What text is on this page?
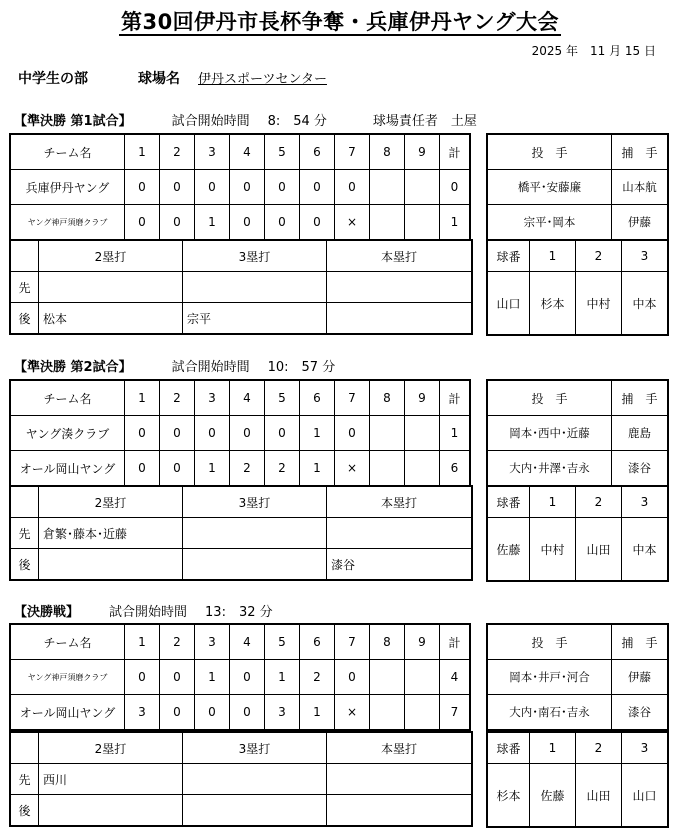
第30回伊丹市長杯争奪・兵庫伊丹ヤング大会
2025 年　11 月 15 日
中学生の部	球場名 伊丹スポーツセンター
【準決勝 第1試合】	試合開始時間 8:　54 分	球場責任者　土屋
チーム名	1	2	3	4	5	6	7	8	9	計
兵庫伊丹ヤング	0	0	0	0	0	0	0			0
ヤング神戸須磨クラブ	0	0	1	0	0	0	×			1
	2塁打	3塁打	本塁打
先			
後	松本	宗平	
投　手	捕　手
橋平･安藤廉	山本航
宗平･岡本	伊藤
球番	1	2	3
山口	杉本	中村	中本
【準決勝 第2試合】	試合開始時間 10:　57 分
チーム名	1	2	3	4	5	6	7	8	9	計
ヤング湊クラブ	0	0	0	0	0	1	0			1
オール岡山ヤング	0	0	1	2	2	1	×			6
	2塁打	3塁打	本塁打
先	倉繁･藤本･近藤		
後			漆谷
投　手	捕　手
岡本･西中･近藤	鹿島
大内･井澤･吉永	漆谷
球番	1	2	3
佐藤	中村	山田	中本
【決勝戦】 試合開始時間 13:　32 分
チーム名	1	2	3	4	5	6	7	8	9	計
ヤング神戸須磨クラブ	0	0	1	0	1	2	0			4
オール岡山ヤング	3	0	0	0	3	1	×			7
	2塁打	3塁打	本塁打
先	西川		
後			
投　手	捕　手
岡本･井戸･河合	伊藤
大内･南石･吉永	漆谷
球番	1	2	3
杉本	佐藤	山田	山口
